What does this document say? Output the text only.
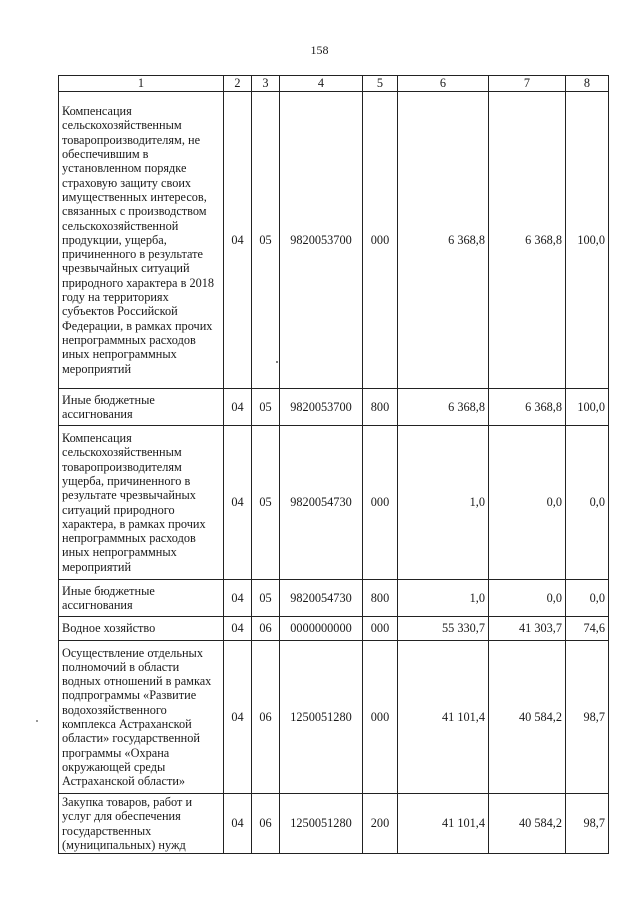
158
1	2	3	4	5	6	7	8
Компенсация сельскохозяйственным товаропроизводителям, не обеспечившим в установленном порядке страховую защиту своих имущественных интересов, связанных с производством сельскохозяйственной продукции, ущерба, причиненного в результате чрезвычайных ситуаций природного характера в 2018 году на территориях субъектов Российской Федерации, в рамках прочих непрограммных расходов иных непрограммных мероприятий	04	05	9820053700	000	6 368,8	6 368,8	100,0
Иные бюджетные ассигнования	04	05	9820053700	800	6 368,8	6 368,8	100,0
Компенсация сельскохозяйственным товаропроизводителям ущерба, причиненного в результате чрезвычайных ситуаций природного характера, в рамках прочих непрограммных расходов иных непрограммных мероприятий	04	05	9820054730	000	1,0	0,0	0,0
Иные бюджетные ассигнования	04	05	9820054730	800	1,0	0,0	0,0
Водное хозяйство	04	06	0000000000	000	55 330,7	41 303,7	74,6
Осуществление отдельных полномочий в области водных отношений в рамках подпрограммы «Развитие водохозяйственного комплекса Астраханской области» государственной программы «Охрана окружающей среды Астраханской области»	04	06	1250051280	000	41 101,4	40 584,2	98,7
Закупка товаров, работ и услуг для обеспечения государственных (муниципальных) нужд	04	06	1250051280	200	41 101,4	40 584,2	98,7
